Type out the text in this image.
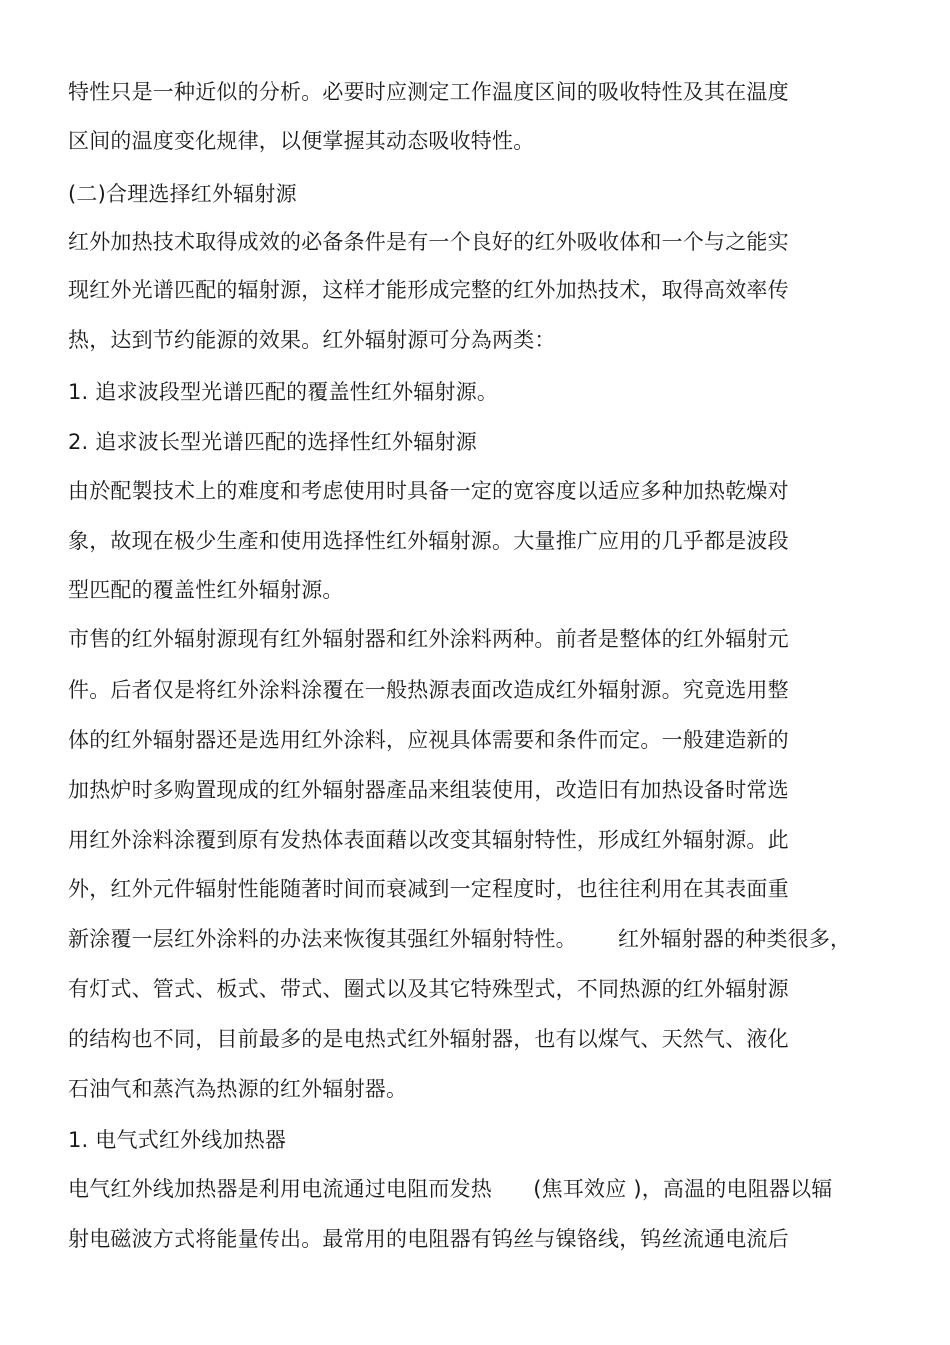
特性只是一种近似的分析。必要时应测定工作温度区间的吸收特性及其在温度
区间的温度变化规律，以便掌握其动态吸收特性。
(二)合理选择红外辐射源
红外加热技术取得成效的必备条件是有一个良好的红外吸收体和一个与之能实
现红外光谱匹配的辐射源，这样才能形成完整的红外加热技术，取得高效率传
热，达到节约能源的效果。红外辐射源可分為两类：
1. 追求波段型光谱匹配的覆盖性红外辐射源。
2. 追求波长型光谱匹配的选择性红外辐射源
由於配製技术上的难度和考虑使用时具备一定的宽容度以适应多种加热乾燥对
象，故现在极少生產和使用选择性红外辐射源。大量推广应用的几乎都是波段
型匹配的覆盖性红外辐射源。
市售的红外辐射源现有红外辐射器和红外涂料两种。前者是整体的红外辐射元
件。后者仅是将红外涂料涂覆在一般热源表面改造成红外辐射源。究竟选用整
体的红外辐射器还是选用红外涂料，应视具体需要和条件而定。一般建造新的
加热炉时多购置现成的红外辐射器產品来组装使用，改造旧有加热设备时常选
用红外涂料涂覆到原有发热体表面藉以改变其辐射特性，形成红外辐射源。此
外，红外元件辐射性能随著时间而衰减到一定程度时，也往往利用在其表面重
新涂覆一层红外涂料的办法来恢復其强红外辐射特性。      红外辐射器的种类很多，
有灯式、管式、板式、带式、圈式以及其它特殊型式，不同热源的红外辐射源
的结构也不同，目前最多的是电热式红外辐射器，也有以煤气、天然气、液化
石油气和蒸汽為热源的红外辐射器。
1. 电气式红外线加热器
电气红外线加热器是利用电流通过电阻而发热      (焦耳效应 )，高温的电阻器以辐
射电磁波方式将能量传出。最常用的电阻器有钨丝与镍铬线，钨丝流通电流后
